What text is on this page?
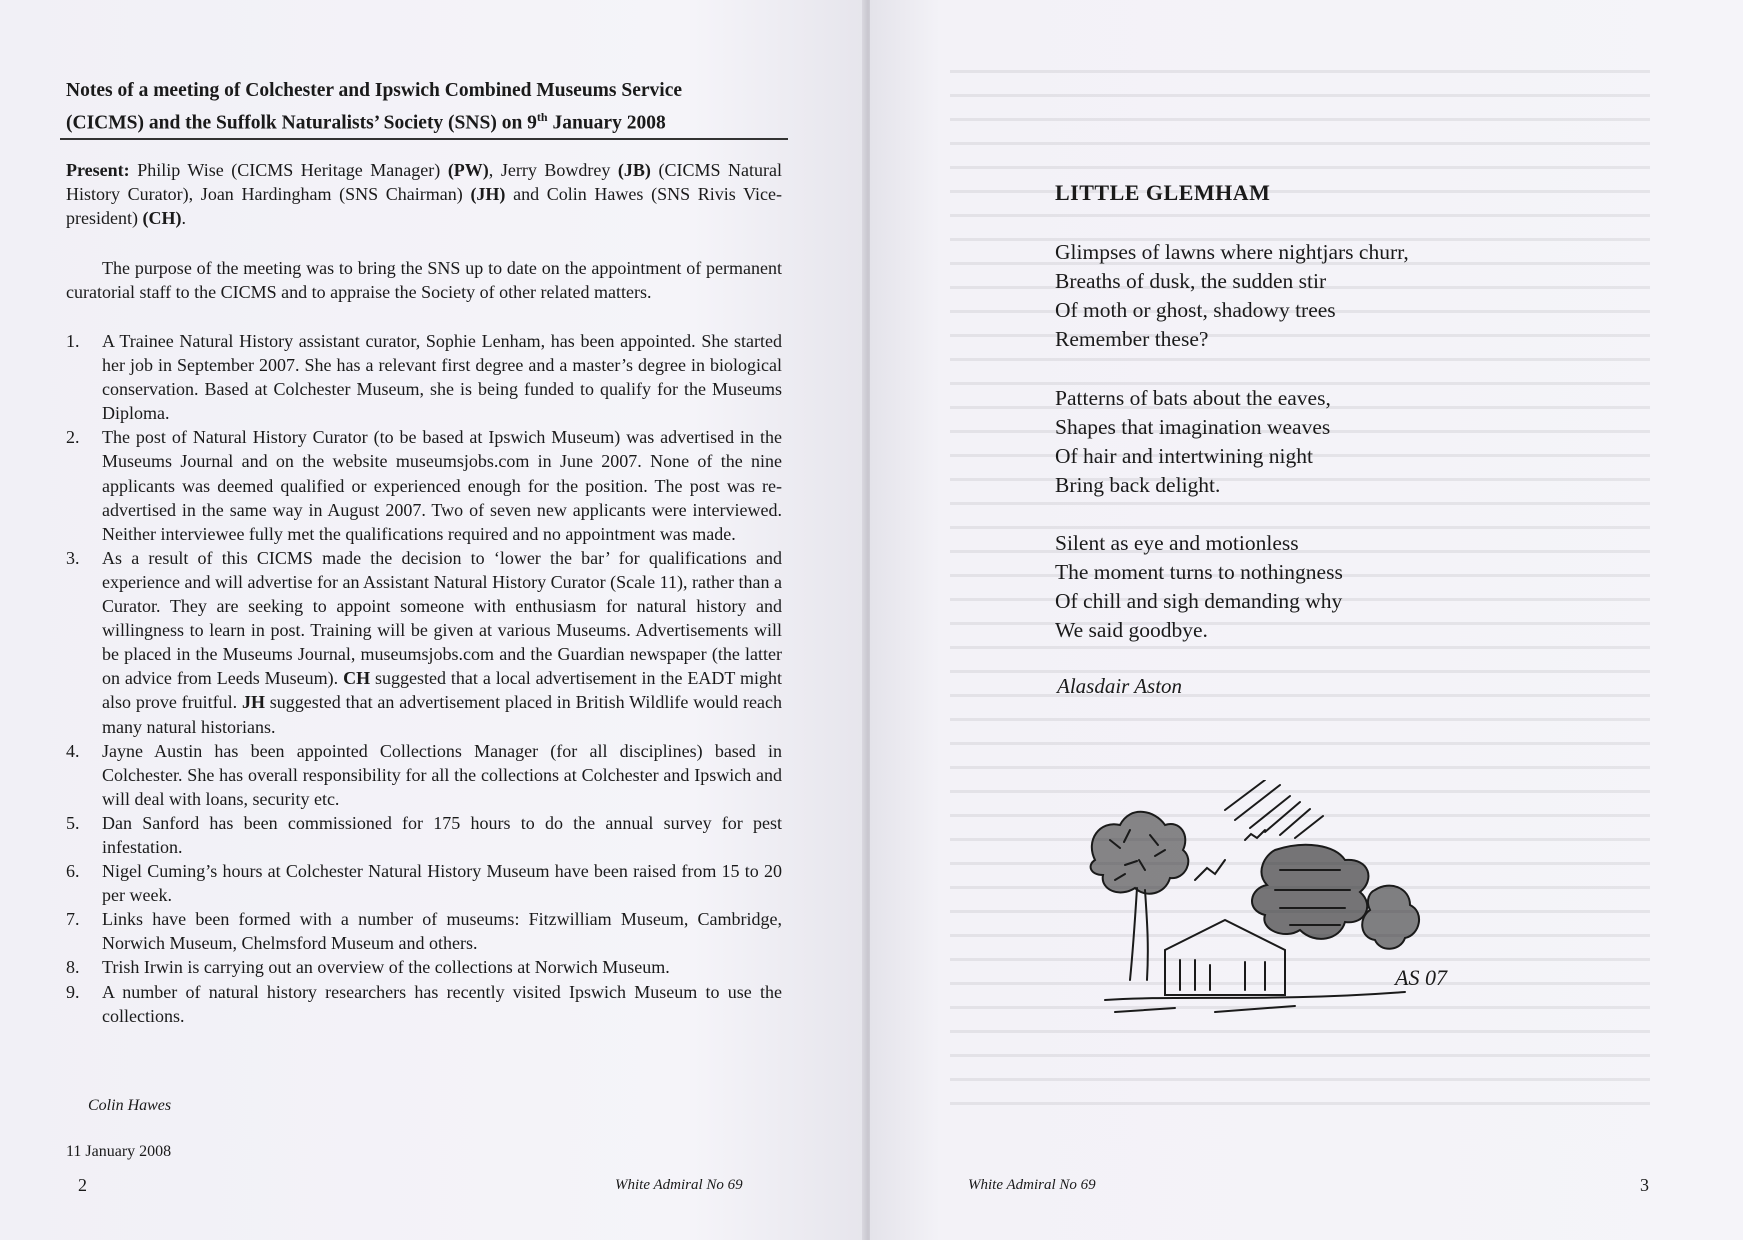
Notes of a meeting of Colchester and Ipswich Combined Museums Service
(CICMS) and the Suffolk Naturalists’ Society (SNS) on 9th January 2008
Present: Philip Wise (CICMS Heritage Manager) (PW), Jerry Bowdrey (JB) (CICMS Natural History Curator), Joan Hardingham (SNS Chairman) (JH) and Colin Hawes (SNS Rivis Vice-president) (CH).
The purpose of the meeting was to bring the SNS up to date on the appointment of permanent curatorial staff to the CICMS and to appraise the Society of other related matters.
1. A Trainee Natural History assistant curator, Sophie Lenham, has been appointed. She started her job in September 2007. She has a relevant first degree and a master’s degree in biological conservation. Based at Colchester Museum, she is being funded to qualify for the Museums Diploma.
2. The post of Natural History Curator (to be based at Ipswich Museum) was advertised in the Museums Journal and on the website museumsjobs.com in June 2007. None of the nine applicants was deemed qualified or experienced enough for the position. The post was re-advertised in the same way in August 2007. Two of seven new applicants were interviewed. Neither interviewee fully met the qualifications required and no appointment was made.
3. As a result of this CICMS made the decision to ‘lower the bar’ for qualifications and experience and will advertise for an Assistant Natural History Curator (Scale 11), rather than a Curator. They are seeking to appoint someone with enthusiasm for natural history and willingness to learn in post. Training will be given at various Museums. Advertisements will be placed in the Museums Journal, museumsjobs.com and the Guardian newspaper (the latter on advice from Leeds Museum). CH suggested that a local advertisement in the EADT might also prove fruitful. JH suggested that an advertisement placed in British Wildlife would reach many natural historians.
4. Jayne Austin has been appointed Collections Manager (for all disciplines) based in Colchester. She has overall responsibility for all the collections at Colchester and Ipswich and will deal with loans, security etc.
5. Dan Sanford has been commissioned for 175 hours to do the annual survey for pest infestation.
6. Nigel Cuming’s hours at Colchester Natural History Museum have been raised from 15 to 20 per week.
7. Links have been formed with a number of museums: Fitzwilliam Museum, Cambridge, Norwich Museum, Chelmsford Museum and others.
8. Trish Irwin is carrying out an overview of the collections at Norwich Museum.
9. A number of natural history researchers has recently visited Ipswich Museum to use the collections.
Colin Hawes
11 January 2008
2	White Admiral No 69
LITTLE GLEMHAM
Glimpses of lawns where nightjars churr,
Breaths of dusk, the sudden stir
Of moth or ghost, shadowy trees
Remember these?
Patterns of bats about the eaves,
Shapes that imagination weaves
Of hair and intertwining night
Bring back delight.
Silent as eye and motionless
The moment turns to nothingness
Of chill and sigh demanding why
We said goodbye.
Alasdair Aston
AS 07
White Admiral No 69	3
